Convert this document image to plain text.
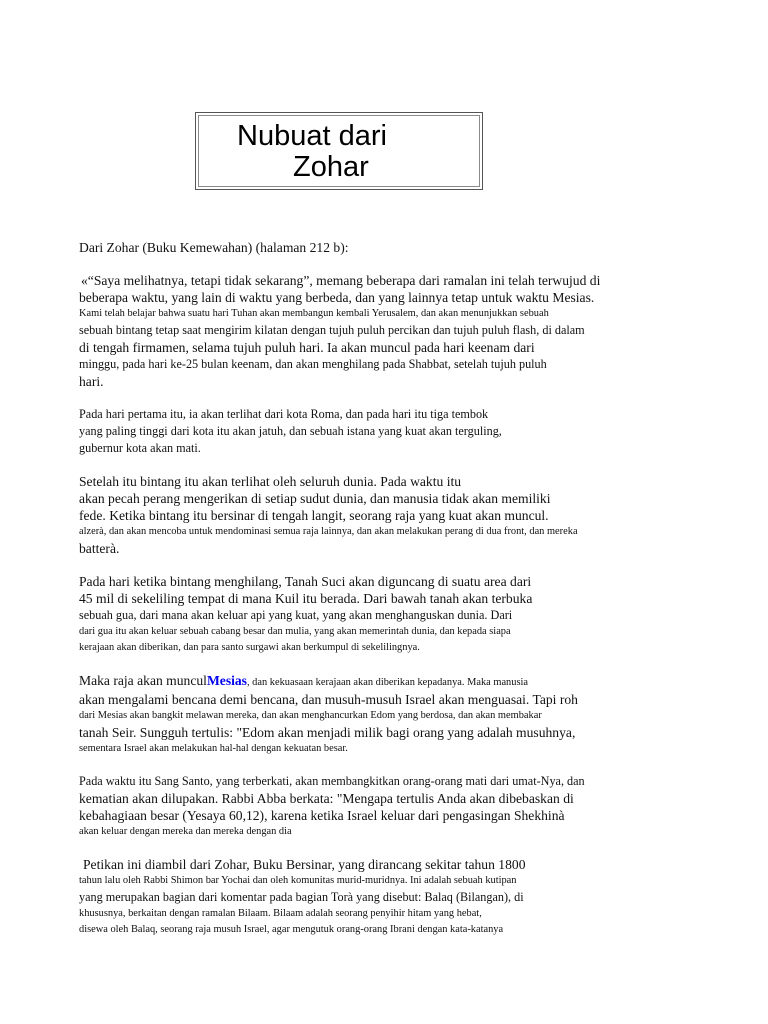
Nubuat dari
Zohar

Dari Zohar (Buku Kemewahan) (halaman 212 b):

«“Saya melihatnya, tetapi tidak sekarang”, memang beberapa dari ramalan ini telah terwujud di

beberapa waktu, yang lain di waktu yang berbeda, dan yang lainnya tetap untuk waktu Mesias.

Kami telah belajar bahwa suatu hari Tuhan akan membangun kembali Yerusalem, dan akan menunjukkan sebuah

sebuah bintang tetap saat mengirim kilatan dengan tujuh puluh percikan dan tujuh puluh flash, di dalam

di tengah firmamen, selama tujuh puluh hari. Ia akan muncul pada hari keenam dari

minggu, pada hari ke-25 bulan keenam, dan akan menghilang pada Shabbat, setelah tujuh puluh

hari.

Pada hari pertama itu, ia akan terlihat dari kota Roma, dan pada hari itu tiga tembok

yang paling tinggi dari kota itu akan jatuh, dan sebuah istana yang kuat akan terguling,

gubernur kota akan mati.

Setelah itu bintang itu akan terlihat oleh seluruh dunia. Pada waktu itu

akan pecah perang mengerikan di setiap sudut dunia, dan manusia tidak akan memiliki

fede. Ketika bintang itu bersinar di tengah langit, seorang raja yang kuat akan muncul.

alzerà, dan akan mencoba untuk mendominasi semua raja lainnya, dan akan melakukan perang di dua front, dan mereka

batterà.

Pada hari ketika bintang menghilang, Tanah Suci akan diguncang di suatu area dari

45 mil di sekeliling tempat di mana Kuil itu berada. Dari bawah tanah akan terbuka

sebuah gua, dari mana akan keluar api yang kuat, yang akan menghanguskan dunia. Dari

dari gua itu akan keluar sebuah cabang besar dan mulia, yang akan memerintah dunia, dan kepada siapa

kerajaan akan diberikan, dan para santo surgawi akan berkumpul di sekelilingnya.

Maka raja akan munculMesias, dan kekuasaan kerajaan akan diberikan kepadanya. Maka manusia

akan mengalami bencana demi bencana, dan musuh-musuh Israel akan menguasai. Tapi roh

dari Mesias akan bangkit melawan mereka, dan akan menghancurkan Edom yang berdosa, dan akan membakar

tanah Seir. Sungguh tertulis: "Edom akan menjadi milik bagi orang yang adalah musuhnya,

sementara Israel akan melakukan hal-hal dengan kekuatan besar.

Pada waktu itu Sang Santo, yang terberkati, akan membangkitkan orang-orang mati dari umat-Nya, dan

kematian akan dilupakan. Rabbi Abba berkata: "Mengapa tertulis Anda akan dibebaskan di

kebahagiaan besar (Yesaya 60,12), karena ketika Israel keluar dari pengasingan Shekhinà

akan keluar dengan mereka dan mereka dengan dia

Petikan ini diambil dari Zohar, Buku Bersinar, yang dirancang sekitar tahun 1800

tahun lalu oleh Rabbi Shimon bar Yochai dan oleh komunitas murid-muridnya. Ini adalah sebuah kutipan

yang merupakan bagian dari komentar pada bagian Torà yang disebut: Balaq (Bilangan), di

khususnya, berkaitan dengan ramalan Bilaam. Bilaam adalah seorang penyihir hitam yang hebat,

disewa oleh Balaq, seorang raja musuh Israel, agar mengutuk orang-orang Ibrani dengan kata-katanya
